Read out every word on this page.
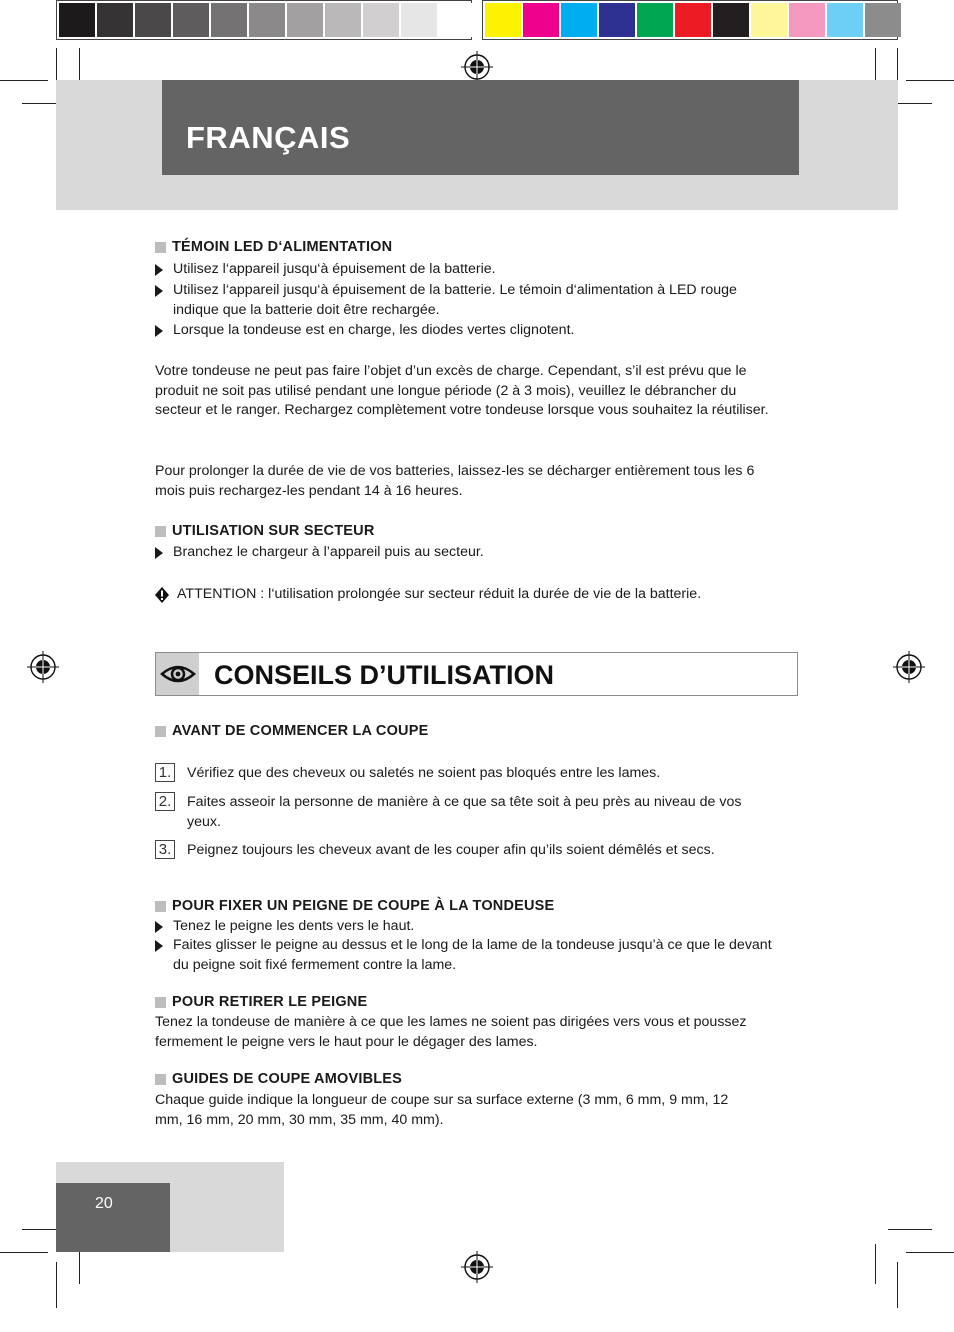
FRANÇAIS
TÉMOIN LED D‘ALIMENTATION
Utilisez l‘appareil jusqu‘à épuisement de la batterie.
Utilisez l‘appareil jusqu‘à épuisement de la batterie. Le témoin d‘alimentation à LED rouge indique que la batterie doit être rechargée.
Lorsque la tondeuse est en charge, les diodes vertes clignotent.

Votre tondeuse ne peut pas faire l’objet d’un excès de charge. Cependant, s’il est prévu que le produit ne soit pas utilisé pendant une longue période (2 à 3 mois), veuillez le débrancher du secteur et le ranger. Rechargez complètement votre tondeuse lorsque vous souhaitez la réutiliser.

Pour prolonger la durée de vie de vos batteries, laissez-les se décharger entièrement tous les 6 mois puis rechargez-les pendant 14 à 16 heures.

UTILISATION SUR SECTEUR
Branchez le chargeur à l’appareil puis au secteur.
ATTENTION : l‘utilisation prolongée sur secteur réduit la durée de vie de la batterie.
CONSEILS D’UTILISATION
AVANT DE COMMENCER LA COUPE
1. Vérifiez que des cheveux ou saletés ne soient pas bloqués entre les lames.
2. Faites asseoir la personne de manière à ce que sa tête soit à peu près au niveau de vos yeux.
3. Peignez toujours les cheveux avant de les couper afin qu’ils soient démêlés et secs.
POUR FIXER UN PEIGNE DE COUPE À LA TONDEUSE
Tenez le peigne les dents vers le haut.
Faites glisser le peigne au dessus et le long de la lame de la tondeuse jusqu’à ce que le devant du peigne soit fixé fermement contre la lame.
POUR RETIRER LE PEIGNE

Tenez la tondeuse de manière à ce que les lames ne soient pas dirigées vers vous et poussez fermement le peigne vers le haut pour le dégager des lames.

GUIDES DE COUPE AMOVIBLES

Chaque guide indique la longueur de coupe sur sa surface externe (3 mm, 6 mm, 9 mm, 12 mm, 16 mm, 20 mm, 30 mm, 35 mm, 40 mm).

20
